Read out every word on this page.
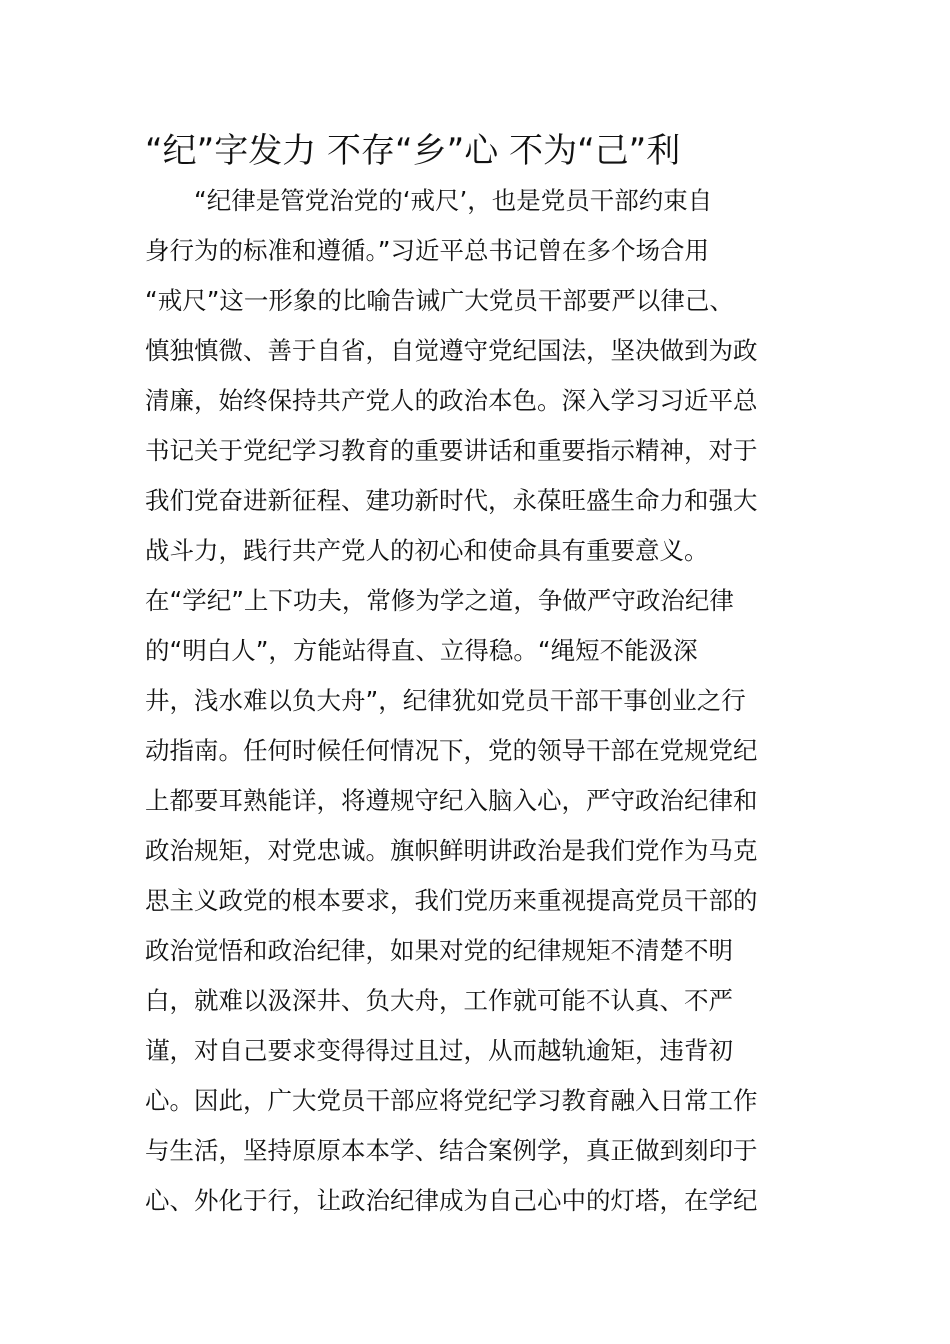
“纪”字发力 不存“乡”心 不为“己”利
　　“纪律是管党治党的‘戒尺’，也是党员干部约束自
身行为的标准和遵循。”习近平总书记曾在多个场合用
“戒尺”这一形象的比喻告诫广大党员干部要严以律己、
慎独慎微、善于自省，自觉遵守党纪国法，坚决做到为政
清廉，始终保持共产党人的政治本色。深入学习习近平总
书记关于党纪学习教育的重要讲话和重要指示精神，对于
我们党奋进新征程、建功新时代，永葆旺盛生命力和强大
战斗力，践行共产党人的初心和使命具有重要意义。
在“学纪”上下功夫，常修为学之道，争做严守政治纪律
的“明白人”，方能站得直、立得稳。“绳短不能汲深
井，浅水难以负大舟”，纪律犹如党员干部干事创业之行
动指南。任何时候任何情况下，党的领导干部在党规党纪
上都要耳熟能详，将遵规守纪入脑入心，严守政治纪律和
政治规矩，对党忠诚。旗帜鲜明讲政治是我们党作为马克
思主义政党的根本要求，我们党历来重视提高党员干部的
政治觉悟和政治纪律，如果对党的纪律规矩不清楚不明
白，就难以汲深井、负大舟，工作就可能不认真、不严
谨，对自己要求变得得过且过，从而越轨逾矩，违背初
心。因此，广大党员干部应将党纪学习教育融入日常工作
与生活，坚持原原本本学、结合案例学，真正做到刻印于
心、外化于行，让政治纪律成为自己心中的灯塔，在学纪
